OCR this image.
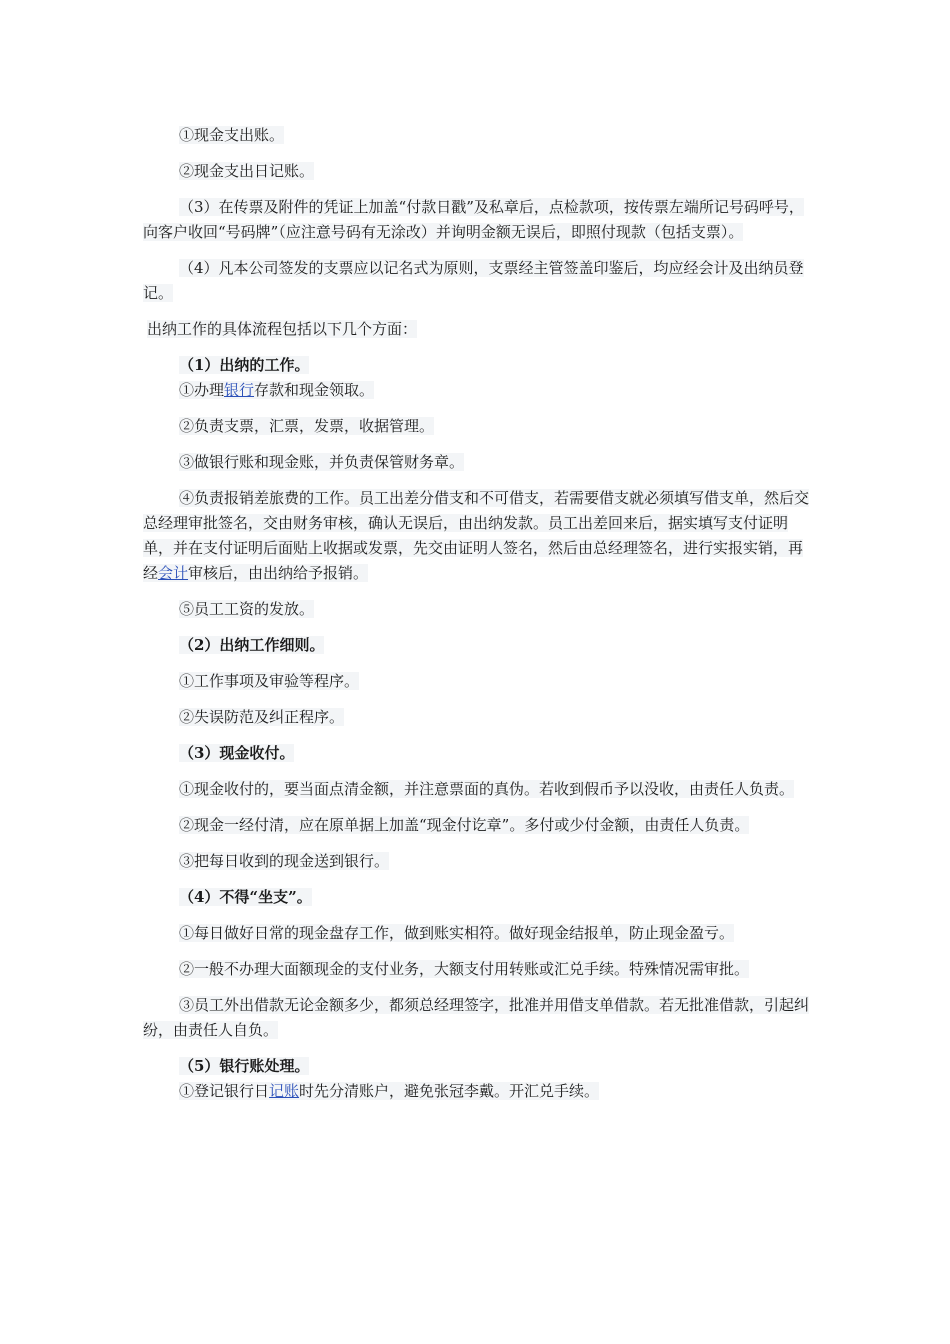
①现金支出账。

②现金支出日记账。

（3）在传票及附件的凭证上加盖“付款日戳”及私章后，点检款项，按传票左端所记号码呼号，向客户收回“号码牌”（应注意号码有无涂改）并询明金额无误后，即照付现款（包括支票）。

（4）凡本公司签发的支票应以记名式为原则，支票经主管签盖印鉴后，均应经会计及出纳员登记。

出纳工作的具体流程包括以下几个方面：

（1）出纳的工作。

①办理银行存款和现金领取。

②负责支票，汇票，发票，收据管理。

③做银行账和现金账，并负责保管财务章。

④负责报销差旅费的工作。员工出差分借支和不可借支，若需要借支就必须填写借支单，然后交总经理审批签名，交由财务审核，确认无误后，由出纳发款。员工出差回来后，据实填写支付证明单，并在支付证明后面贴上收据或发票，先交由证明人签名，然后由总经理签名，进行实报实销，再经会计审核后，由出纳给予报销。

⑤员工工资的发放。

（2）出纳工作细则。

①工作事项及审验等程序。

②失误防范及纠正程序。

（3）现金收付。

①现金收付的，要当面点清金额，并注意票面的真伪。若收到假币予以没收，由责任人负责。

②现金一经付清，应在原单据上加盖“现金付讫章”。多付或少付金额，由责任人负责。

③把每日收到的现金送到银行。

（4）不得“坐支”。

①每日做好日常的现金盘存工作，做到账实相符。做好现金结报单，防止现金盈亏。

②一般不办理大面额现金的支付业务，大额支付用转账或汇兑手续。特殊情况需审批。

③员工外出借款无论金额多少，都须总经理签字，批准并用借支单借款。若无批准借款，引起纠纷，由责任人自负。

（5）银行账处理。

①登记银行日记账时先分清账户，避免张冠李戴。开汇兑手续。
